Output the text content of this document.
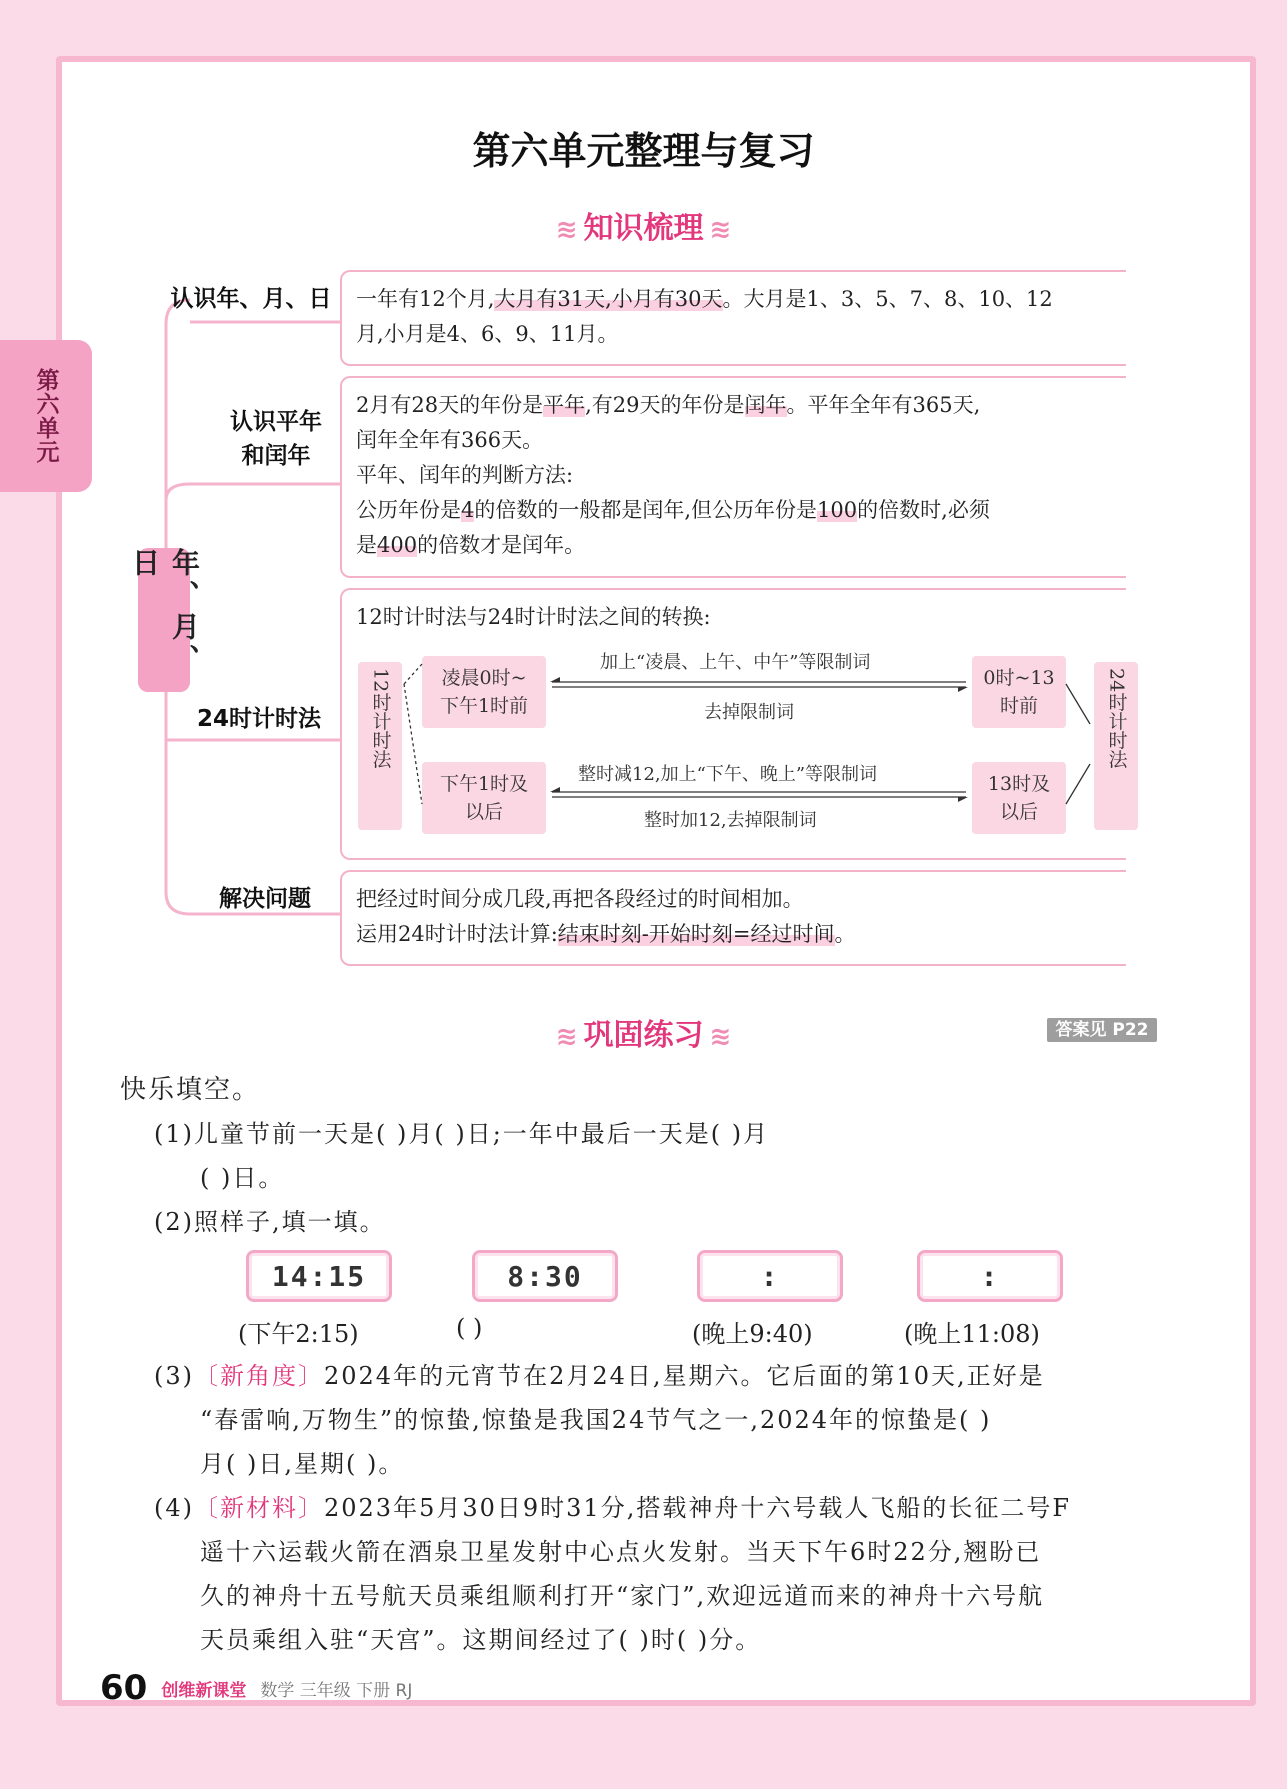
第六单元
第六单元整理与复习
≋ 知识梳理 ≋
年、月、日
认识年、月、日 一年有12个月,大月有31天,小月有30天。大月是1、3、5、7、8、10、12
月,小月是4、6、9、11月。
认识平年
和闰年
2月有28天的年份是平年,有29天的年份是闰年。平年全年有365天,
闰年全年有366天。
平年、闰年的判断方法:
公历年份是4的倍数的一般都是闰年,但公历年份是100的倍数时,必须
是400的倍数才是闰年。
24时计时法
12时计时法与24时计时法之间的转换:
12时计时法	24时计时法
凌晨0时~
下午1时前
下午1时及
以后
0时~13
时前
13时及
以后
加上“凌晨、上午、中午”等限制词
去掉限制词
整时减12,加上“下午、晚上”等限制词
整时加12,去掉限制词
解决问题	把经过时间分成几段,再把各段经过的时间相加。
运用24时计时法计算:结束时刻-开始时刻=经过时间。
≋ 巩固练习 ≋	答案见 P22
快乐填空。
(1)儿童节前一天是( )月( )日;一年中最后一天是( )月
( )日。
(2)照样子,填一填。
14:15	8:30	:	:
(下午2:15)	( )	(晚上9:40)	(晚上11:08)
(3)〔新角度〕2024年的元宵节在2月24日,星期六。它后面的第10天,正好是
“春雷响,万物生”的惊蛰,惊蛰是我国24节气之一,2024年的惊蛰是( )
月( )日,星期( )。
(4)〔新材料〕2023年5月30日9时31分,搭载神舟十六号载人飞船的长征二号F
遥十六运载火箭在酒泉卫星发射中心点火发射。当天下午6时22分,翘盼已
久的神舟十五号航天员乘组顺利打开“家门”,欢迎远道而来的神舟十六号航
天员乘组入驻“天宫”。这期间经过了( )时( )分。
60 创维新课堂 数学 三年级 下册 RJ
